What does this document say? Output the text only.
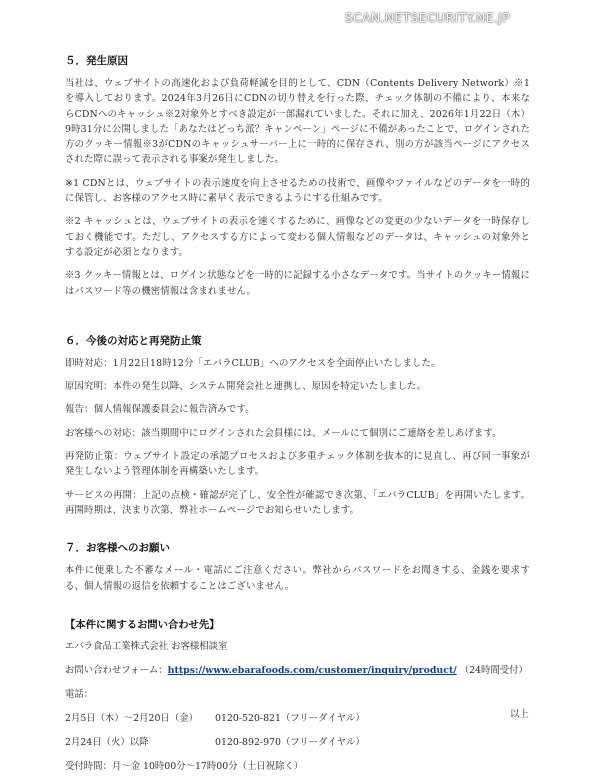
SCAN.NETSECURITY.NE.JP
５．発生原因
当社は、ウェブサイトの高速化および負荷軽減を目的として、CDN（Contents Delivery Network）※1を導入しております。2024年3月26日にCDNの切り替えを行った際、チェック体制の不備により、本来ならCDNへのキャッシュ※2対象外とすべき設定が一部漏れていました。それに加え、2026年1月22日（木）9時31分に公開しました「あなたはどっち派？キャンペーン」ページに不備があったことで、ログインされた方のクッキー情報※3がCDNのキャッシュサーバー上に一時的に保存され、別の方が該当ページにアクセスされた際に誤って表示される事案が発生しました。
※1 CDNとは、ウェブサイトの表示速度を向上させるための技術で、画像やファイルなどのデータを一時的に保管し、お客様のアクセス時に素早く表示できるようにする仕組みです。
※2 キャッシュとは、ウェブサイトの表示を速くするために、画像などの変更の少ないデータを一時保存しておく機能です。ただし、アクセスする方によって変わる個人情報などのデータは、キャッシュの対象外とする設定が必須となります。
※3 クッキー情報とは、ログイン状態などを一時的に記録する小さなデータです。当サイトのクッキー情報にはパスワード等の機密情報は含まれません。
６．今後の対応と再発防止策
即時対応：1月22日18時12分「エバラCLUB」へのアクセスを全面停止いたしました。
原因究明：本件の発生以降、システム開発会社と連携し、原因を特定いたしました。
報告：個人情報保護委員会に報告済みです。
お客様への対応：該当期間中にログインされた会員様には、メールにて個別にご連絡を差しあげます。
再発防止策：ウェブサイト設定の承認プロセスおよび多重チェック体制を抜本的に見直し、再び同一事象が発生しないよう管理体制を再構築いたします。
サービスの再開：上記の点検・確認が完了し、安全性が確認でき次第、「エバラCLUB」を再開いたします。再開時期は、決まり次第、弊社ホームページでお知らせいたします。
７．お客様へのお願い
本件に便乗した不審なメール・電話にご注意ください。弊社からパスワードをお聞きする、金銭を要求する、個人情報の返信を依頼することはございません。
【本件に関するお問い合わせ先】
エバラ食品工業株式会社 お客様相談室
お問い合わせフォーム：https://www.ebarafoods.com/customer/inquiry/product/ （24時間受付）
電話：
2月5日（木）～2月20日（金）	0120-520-821（フリーダイヤル）
2月24日（火）以降	0120-892-970（フリーダイヤル）
受付時間：月～金 10時00分～17時00分（土日祝除く）
以上
